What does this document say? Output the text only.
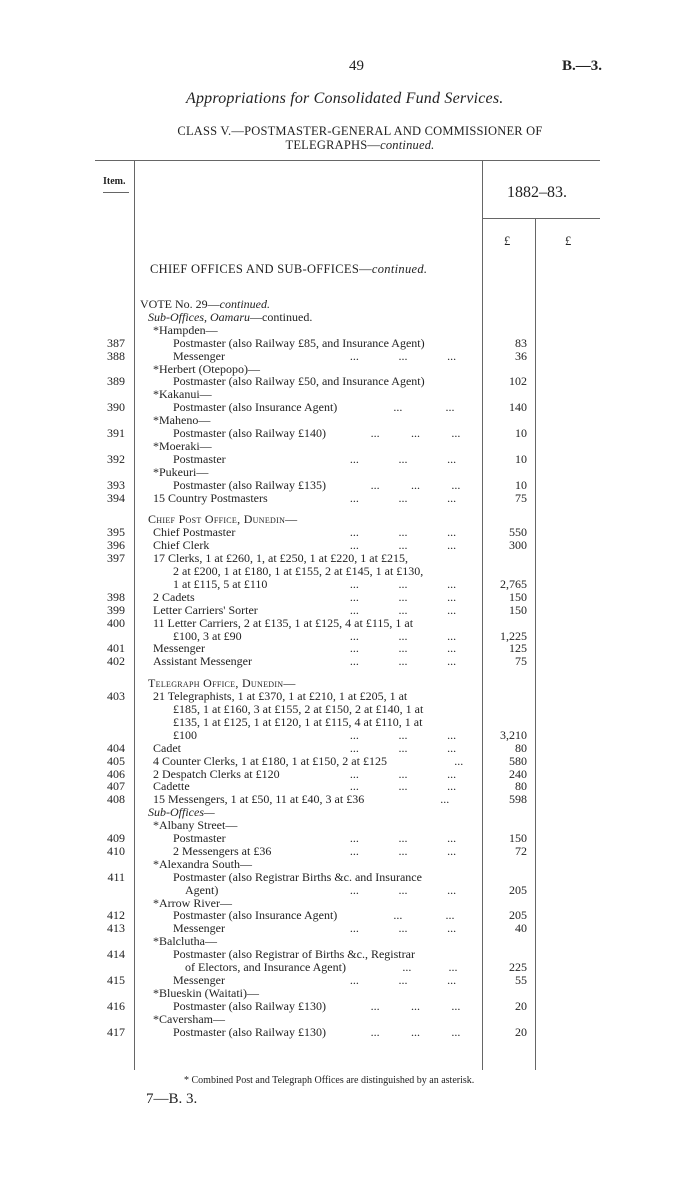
49	B.—3.
Appropriations for Consolidated Fund Services.
CLASS V.—POSTMASTER-GENERAL AND COMMISSIONER OF
TELEGRAPHS—continued.
Item.
1882–83.
£	£
CHIEF OFFICES AND SUB-OFFICES—continued.
VOTE No. 29—continued.
Sub-Offices, Oamaru—continued.
*Hampden—
387	Postmaster (also Railway £85, and Insurance Agent)	83
388	Messenger	...	...	...	36
*Herbert (Otepopo)—
389	Postmaster (also Railway £50, and Insurance Agent)	102
*Kakanui—
390	Postmaster (also Insurance Agent)	...	...	140
*Maheno—
391	Postmaster (also Railway £140)	...	...	...	10
*Moeraki—
392	Postmaster	...	...	...	10
*Pukeuri—
393	Postmaster (also Railway £135)	...	...	...	10
394 15 Country Postmasters	...	...	...	75
Chief Post Office, Dunedin—
395 Chief Postmaster	...	...	...	550
396 Chief Clerk	...	...	...	300
397 17 Clerks, 1 at £260, 1, at £250, 1 at £220, 1 at £215,
2 at £200, 1 at £180, 1 at £155, 2 at £145, 1 at £130,
1 at £115, 5 at £110	...	...	...	2,765
398 2 Cadets	...	...	...	150
399 Letter Carriers' Sorter	...	...	...	150
400 11 Letter Carriers, 2 at £135, 1 at £125, 4 at £115, 1 at
£100, 3 at £90	...	...	...	1,225
401 Messenger	...	...	...	125
402 Assistant Messenger	...	...	...	75
Telegraph Office, Dunedin—
403 21 Telegraphists, 1 at £370, 1 at £210, 1 at £205, 1 at
£185, 1 at £160, 3 at £155, 2 at £150, 2 at £140, 1 at
£135, 1 at £125, 1 at £120, 1 at £115, 4 at £110, 1 at
£100	...	...	...	3,210
404 Cadet	...	...	...	80
405 4 Counter Clerks, 1 at £180, 1 at £150, 2 at £125	...	580
406 2 Despatch Clerks at £120	...	...	...	240
407 Cadette	...	...	...	80
408 15 Messengers, 1 at £50, 11 at £40, 3 at £36	...	598
Sub-Offices—
*Albany Street—
409	Postmaster	...	...	...	150
410	2 Messengers at £36	...	...	...	72
*Alexandra South—
411	Postmaster (also Registrar Births &c. and Insurance
Agent)	...	...	...	205
*Arrow River—
412	Postmaster (also Insurance Agent)	...	...	205
413	Messenger	...	...	...	40
*Balclutha—
414	Postmaster (also Registrar of Births &c., Registrar
of Electors, and Insurance Agent)	...	...	225
415	Messenger	...	...	...	55
*Blueskin (Waitati)—
416	Postmaster (also Railway £130)	...	...	...	20
*Caversham—
417	Postmaster (also Railway £130)	...	...	...	20
* Combined Post and Telegraph Offices are distinguished by an asterisk.
7—B. 3.
